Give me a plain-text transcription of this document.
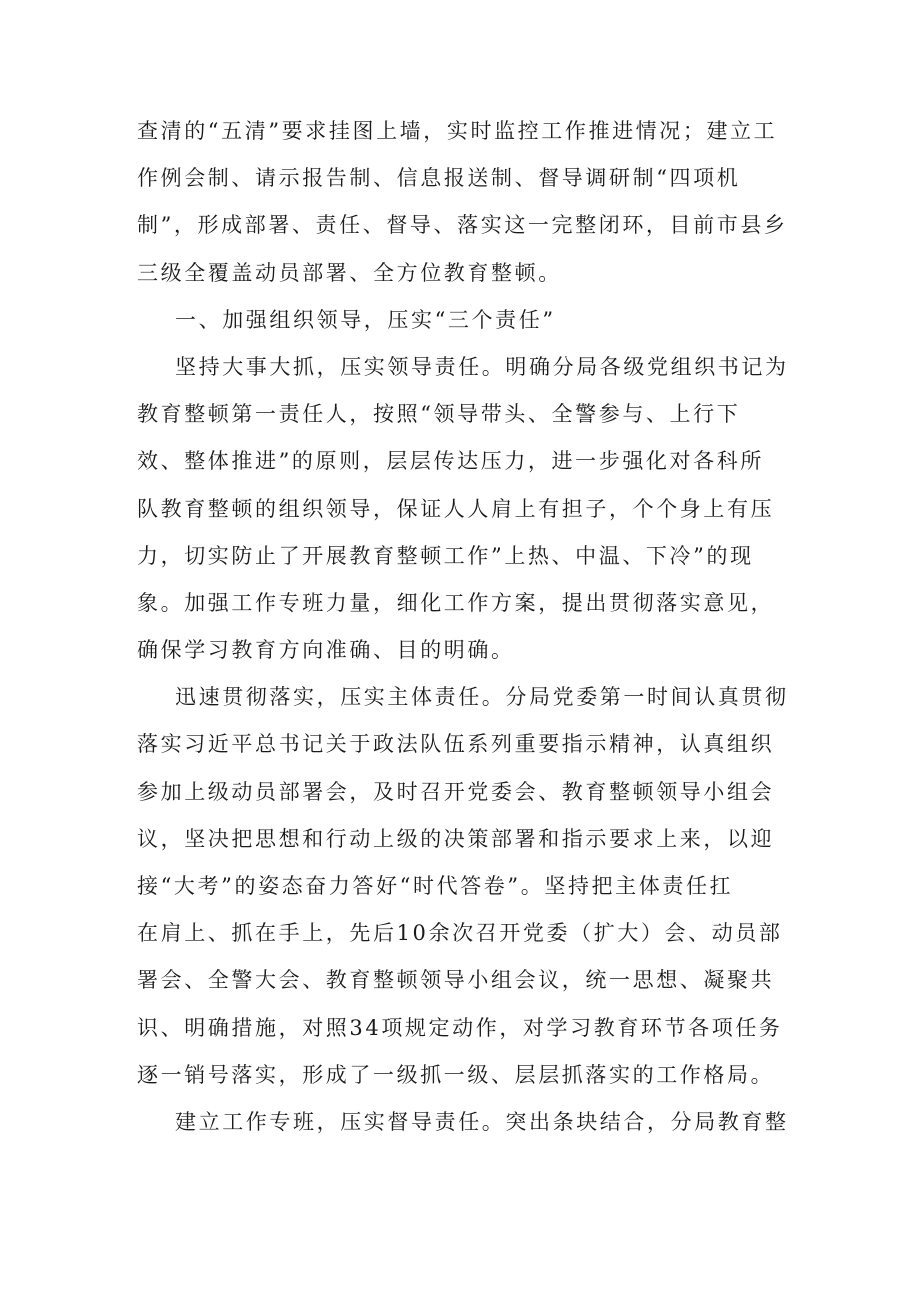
查清的“五清”要求挂图上墙，实时监控工作推进情况；建立工
作例会制、请示报告制、信息报送制、督导调研制“四项机
制”，形成部署、责任、督导、落实这一完整闭环，目前市县乡
三级全覆盖动员部署、全方位教育整顿。
一、加强组织领导，压实“三个责任”
坚持大事大抓，压实领导责任。明确分局各级党组织书记为
教育整顿第一责任人，按照“领导带头、全警参与、上行下
效、整体推进”的原则，层层传达压力，进一步强化对各科所
队教育整顿的组织领导，保证人人肩上有担子，个个身上有压
力，切实防止了开展教育整顿工作”上热、中温、下冷”的现
象。加强工作专班力量，细化工作方案，提出贯彻落实意见，
确保学习教育方向准确、目的明确。
迅速贯彻落实，压实主体责任。分局党委第一时间认真贯彻
落实习近平总书记关于政法队伍系列重要指示精神，认真组织
参加上级动员部署会，及时召开党委会、教育整顿领导小组会
议，坚决把思想和行动上级的决策部署和指示要求上来，以迎
接“大考”的姿态奋力答好“时代答卷”。坚持把主体责任扛
在肩上、抓在手上，先后10余次召开党委（扩大）会、动员部
署会、全警大会、教育整顿领导小组会议，统一思想、凝聚共
识、明确措施，对照34项规定动作，对学习教育环节各项任务
逐一销号落实，形成了一级抓一级、层层抓落实的工作格局。
建立工作专班，压实督导责任。突出条块结合，分局教育整
